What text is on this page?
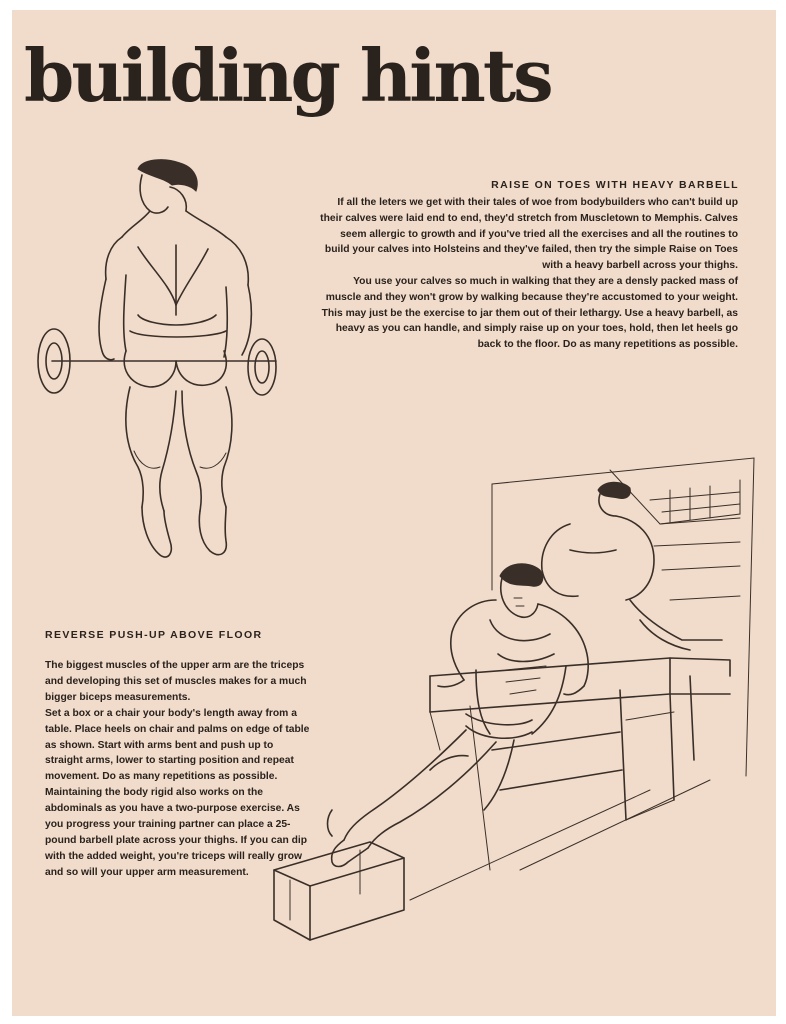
building hints
RAISE ON TOES WITH HEAVY BARBELL

If all the leters we get with their tales of woe from bodybuilders who can't build up their calves were laid end to end, they'd stretch from Muscletown to Memphis. Calves seem allergic to growth and if you've tried all the exercises and all the routines to build your calves into Holsteins and they've failed, then try the simple Raise on Toes with a heavy barbell across your thighs.

You use your calves so much in walking that they are a densly packed mass of muscle and they won't grow by walking because they're accustomed to your weight. This may just be the exercise to jar them out of their lethargy. Use a heavy barbell, as heavy as you can handle, and simply raise up on your toes, hold, then let heels go back to the floor. Do as many repetitions as possible.

REVERSE PUSH-UP ABOVE FLOOR

The biggest muscles of the upper arm are the triceps and developing this set of muscles makes for a much bigger biceps measurements.

Set a box or a chair your body's length away from a table. Place heels on chair and palms on edge of table as shown. Start with arms bent and push up to straight arms, lower to starting position and repeat movement. Do as many repetitions as possible.

Maintaining the body rigid also works on the abdominals as you have a two-purpose exercise. As you progress your training partner can place a 25-pound barbell plate across your thighs. If you can dip with the added weight, you're triceps will really grow and so will your upper arm measurement.
